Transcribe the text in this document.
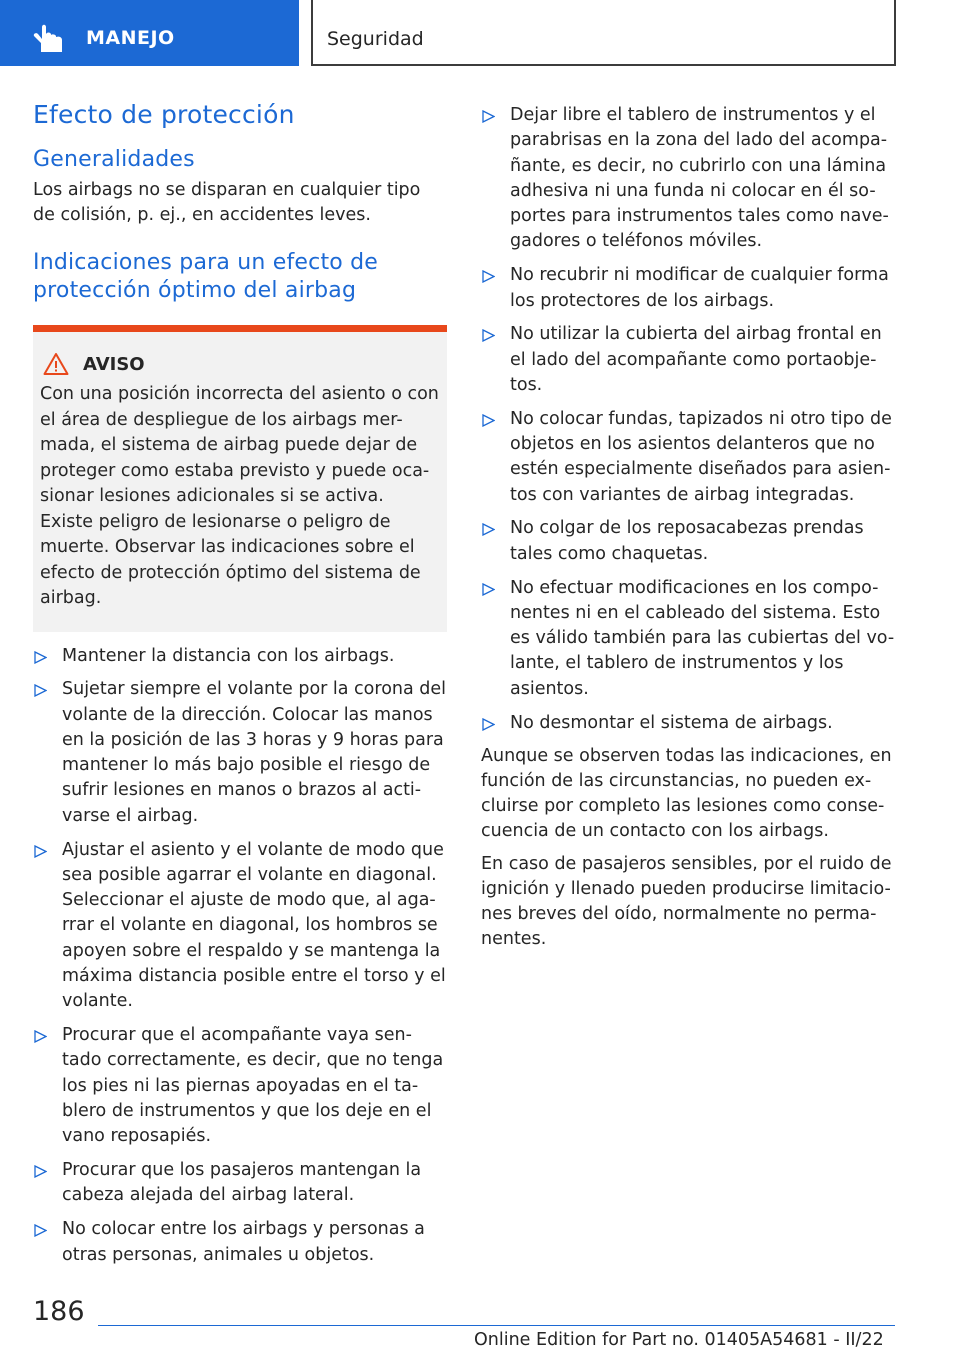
MANEJO	Seguridad
Efecto de protección
Generalidades

Los airbags no se disparan en cualquier tipo de colisión, p. ej., en accidentes leves.

Indicaciones para un efecto de protección óptimo del airbag
AVISO

Con una posición incorrecta del asiento o con el área de despliegue de los airbags mer-mada, el sistema de airbag puede dejar de proteger como estaba previsto y puede oca-sionar lesiones adicionales si se activa. Existe peligro de lesionarse o peligro de muerte. Observar las indicaciones sobre el efecto de protección óptimo del sistema de airbag.

Mantener la distancia con los airbags.
Sujetar siempre el volante por la corona del volante de la dirección. Colocar las manos en la posición de las 3 horas y 9 horas para mantener lo más bajo posible el riesgo de sufrir lesiones en manos o brazos al acti-varse el airbag.
Ajustar el asiento y el volante de modo que sea posible agarrar el volante en diagonal. Seleccionar el ajuste de modo que, al aga-rrar el volante en diagonal, los hombros se apoyen sobre el respaldo y se mantenga la máxima distancia posible entre el torso y el volante.
Procurar que el acompañante vaya sen-tado correctamente, es decir, que no tenga los pies ni las piernas apoyadas en el ta-blero de instrumentos y que los deje en el vano reposapiés.
Procurar que los pasajeros mantengan la cabeza alejada del airbag lateral.
No colocar entre los airbags y personas a otras personas, animales u objetos.
Dejar libre el tablero de instrumentos y el parabrisas en la zona del lado del acompa-ñante, es decir, no cubrirlo con una lámina adhesiva ni una funda ni colocar en él so-portes para instrumentos tales como nave-gadores o teléfonos móviles.
No recubrir ni modificar de cualquier forma los protectores de los airbags.
No utilizar la cubierta del airbag frontal en el lado del acompañante como portaobje-tos.
No colocar fundas, tapizados ni otro tipo de objetos en los asientos delanteros que no estén especialmente diseñados para asien-tos con variantes de airbag integradas.
No colgar de los reposacabezas prendas tales como chaquetas.
No efectuar modificaciones en los compo-nentes ni en el cableado del sistema. Esto es válido también para las cubiertas del vo-lante, el tablero de instrumentos y los asientos.
No desmontar el sistema de airbags.

Aunque se observen todas las indicaciones, en función de las circunstancias, no pueden ex-cluirse por completo las lesiones como conse-cuencia de un contacto con los airbags.

En caso de pasajeros sensibles, por el ruido de ignición y llenado pueden producirse limitacio-nes breves del oído, normalmente no perma-nentes.

186
Online Edition for Part no. 01405A54681 - II/22
